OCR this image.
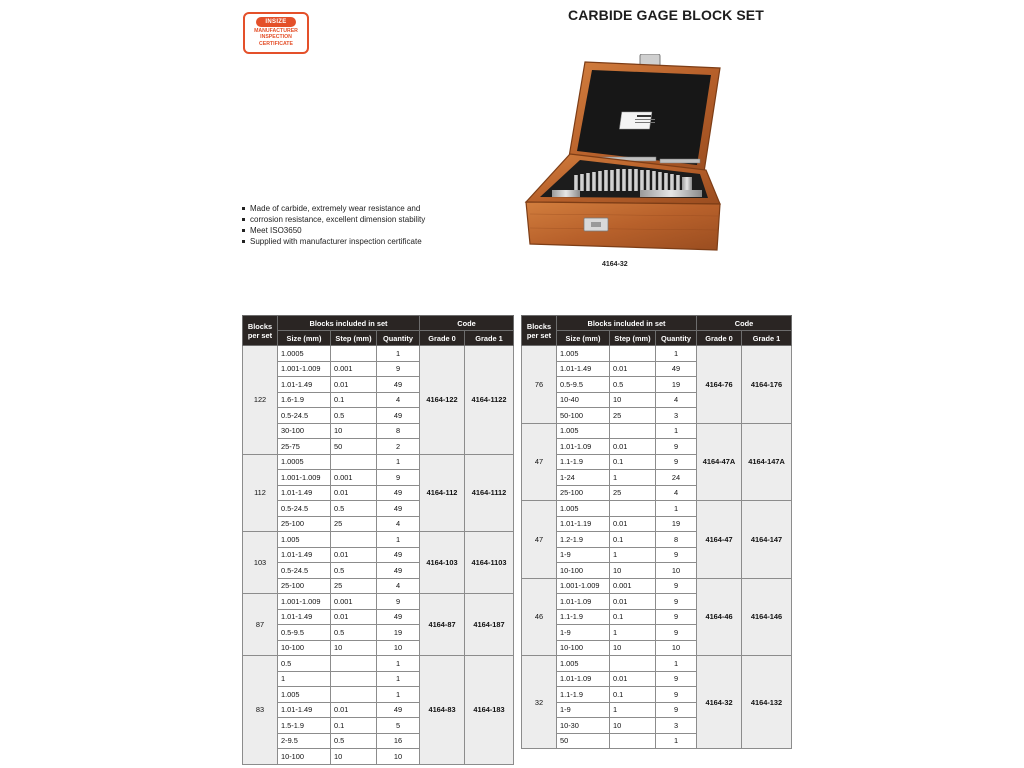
INSIZE
MANUFACTURER
INSPECTION CERTIFICATE
CARBIDE GAGE BLOCK SET
Made of carbide, extremely wear resistance and
corrosion resistance, excellent dimension stability
Meet ISO3650
Supplied with manufacturer inspection certificate
4164-32
Blocks
per set	Blocks included in set			Code	
	Size (mm)	Step (mm)	Quantity	Grade 0	Grade 1
122	1.0005		1	4164-122	4164-1122
	1.001-1.009	0.001	9		
	1.01-1.49	0.01	49		
	1.6-1.9	0.1	4		
	0.5-24.5	0.5	49		
	30-100	10	8		
	25-75	50	2		
112	1.0005		1	4164-112	4164-1112
	1.001-1.009	0.001	9		
	1.01-1.49	0.01	49		
	0.5-24.5	0.5	49		
	25-100	25	4		
103	1.005		1	4164-103	4164-1103
	1.01-1.49	0.01	49		
	0.5-24.5	0.5	49		
	25-100	25	4		
87	1.001-1.009	0.001	9	4164-87	4164-187
	1.01-1.49	0.01	49		
	0.5-9.5	0.5	19		
	10-100	10	10		
83	0.5		1	4164-83	4164-183
	1		1		
	1.005		1		
	1.01-1.49	0.01	49		
	1.5-1.9	0.1	5		
	2-9.5	0.5	16		
	10-100	10	10		
Blocks
per set	Blocks included in set			Code	
	Size (mm)	Step (mm)	Quantity	Grade 0	Grade 1
76	1.005		1	4164-76	4164-176
	1.01-1.49	0.01	49		
	0.5-9.5	0.5	19		
	10-40	10	4		
	50-100	25	3		
47	1.005		1	4164-47A	4164-147A
	1.01-1.09	0.01	9		
	1.1-1.9	0.1	9		
	1-24	1	24		
	25-100	25	4		
47	1.005		1	4164-47	4164-147
	1.01-1.19	0.01	19		
	1.2-1.9	0.1	8		
	1-9	1	9		
	10-100	10	10		
46	1.001-1.009	0.001	9	4164-46	4164-146
	1.01-1.09	0.01	9		
	1.1-1.9	0.1	9		
	1-9	1	9		
	10-100	10	10		
32	1.005		1	4164-32	4164-132
	1.01-1.09	0.01	9		
	1.1-1.9	0.1	9		
	1-9	1	9		
	10-30	10	3		
	50		1		
